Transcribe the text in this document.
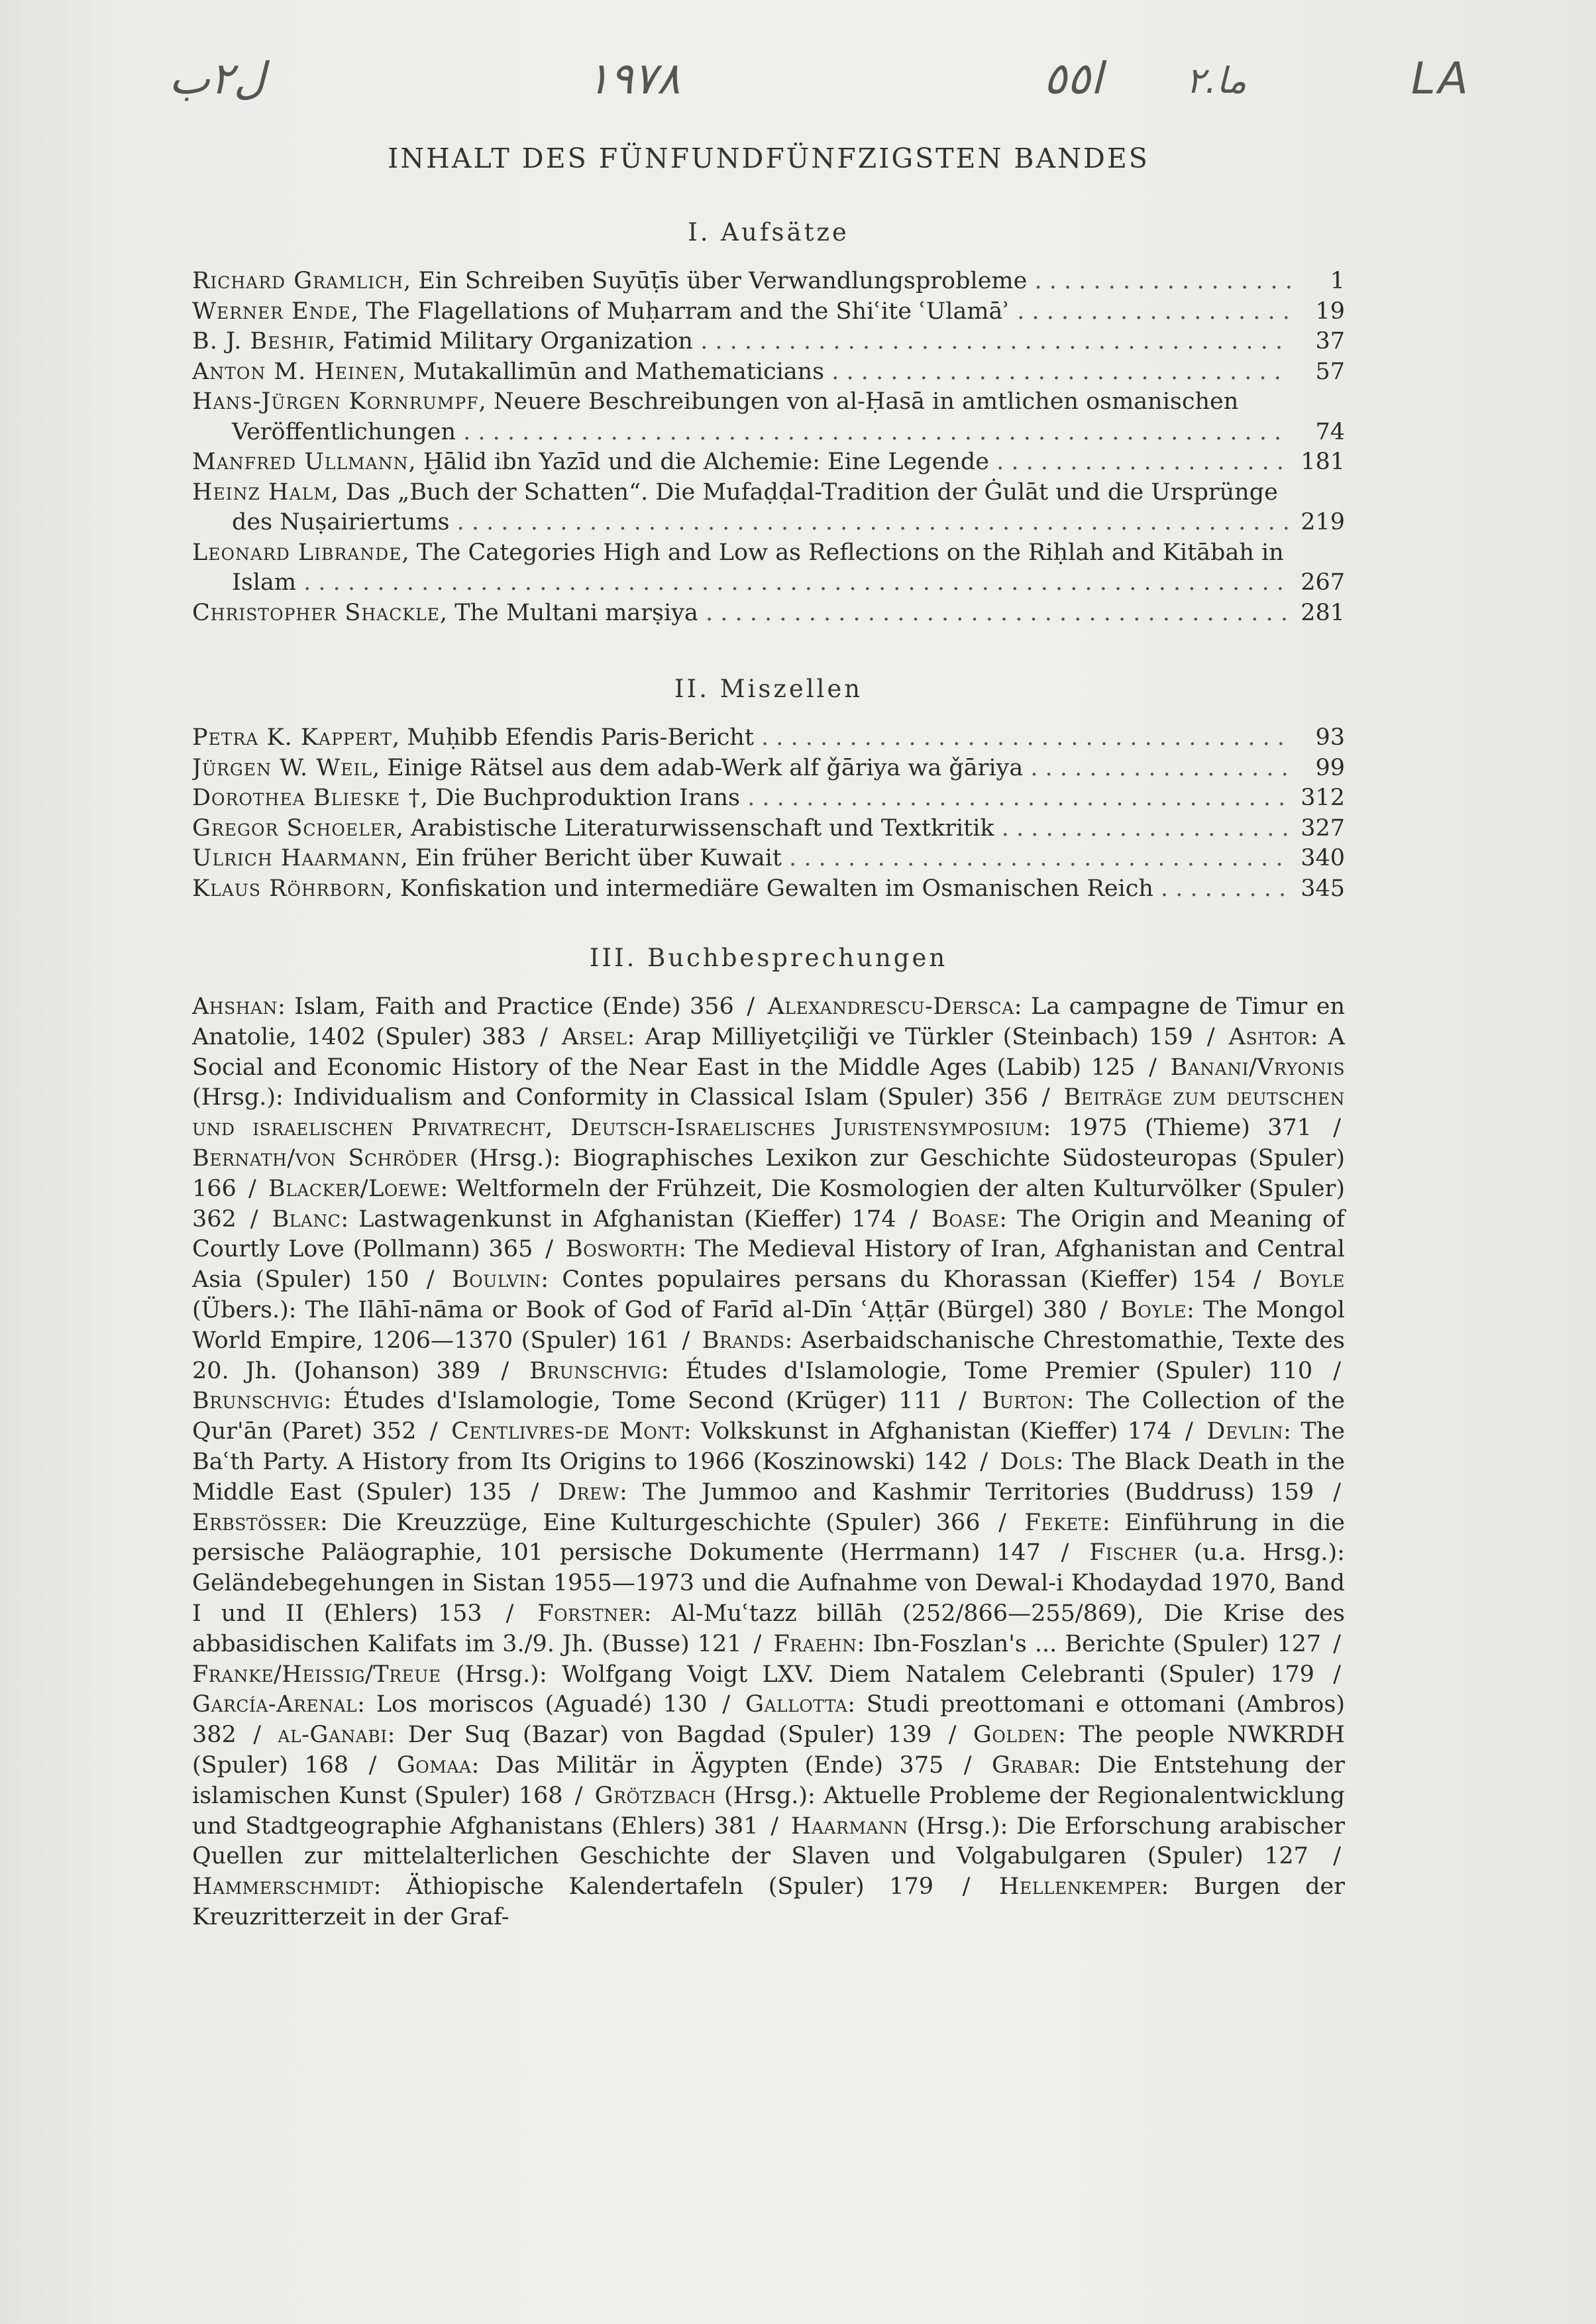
ل٢ب	١٩٧٨	ا٥٥ ما.٢	LA
INHALT DES FÜNFUNDFÜNFZIGSTEN BANDES
I. Aufsätze
Richard Gramlich, Ein Schreiben Suyūṭīs über Verwandlungsprobleme . . . . . . . . . . . . . . . . . .	1
Werner Ende, The Flagellations of Muḥarram and the Shiʿite ʿUlamāʾ . . . . . . . . . . . . . . . . . . .	19
B. J. Beshir, Fatimid Military Organization . . . . . . . . . . . . . . . . . . . . . . . . . . . . . . . . . . . . . . . .	37
Anton M. Heinen, Mutakallimūn and Mathematicians . . . . . . . . . . . . . . . . . . . . . . . . . . . . . . .	57
Hans-Jürgen Kornrumpf, Neuere Beschreibungen von al-Ḥasā in amtlichen osmanischen Veröffentlichungen . . . . . . . . . . . . . . . . . . . . . . . . . . . . . . . . . . . . . . . . . . . . . . . . . . . . . . . .	74
Manfred Ullmann, Ḫālid ibn Yazīd und die Alchemie: Eine Legende . . . . . . . . . . . . . . . . . . . . 181
Heinz Halm, Das „Buch der Schatten“. Die Mufaḍḍal-Tradition der Ġulāt und die Ursprünge des Nuṣairiertums . . . . . . . . . . . . . . . . . . . . . . . . . . . . . . . . . . . . . . . . . . . . . . . . . . . . . . . . . 219
Leonard Librande, The Categories High and Low as Reflections on the Riḥlah and Kitābah in Islam . . . . . . . . . . . . . . . . . . . . . . . . . . . . . . . . . . . . . . . . . . . . . . . . . . . . . . . . . . . . . . . . . . . 267
Christopher Shackle, The Multani marṣiya . . . . . . . . . . . . . . . . . . . . . . . . . . . . . . . . . . . . . . . . 281
II. Miszellen
Petra K. Kappert, Muḥibb Efendis Paris-Bericht . . . . . . . . . . . . . . . . . . . . . . . . . . . . . . . . . . . .	93
Jürgen W. Weil, Einige Rätsel aus dem adab-Werk alf ǧāriya wa ǧāriya . . . . . . . . . . . . . . . . . .	99
Dorothea Blieske †, Die Buchproduktion Irans . . . . . . . . . . . . . . . . . . . . . . . . . . . . . . . . . . . . . 312
Gregor Schoeler, Arabistische Literaturwissenschaft und Textkritik . . . . . . . . . . . . . . . . . . . . 327
Ulrich Haarmann, Ein früher Bericht über Kuwait . . . . . . . . . . . . . . . . . . . . . . . . . . . . . . . . . . 340
Klaus Röhrborn, Konfiskation und intermediäre Gewalten im Osmanischen Reich . . . . . . . . . 345
III. Buchbesprechungen
Ahshan: Islam, Faith and Practice (Ende) 356 / Alexandrescu-Dersca: La campagne de Timur en Anatolie, 1402 (Spuler) 383 / Arsel: Arap Milliyetçiliği ve Türkler (Steinbach) 159 / Ashtor: A Social and Economic History of the Near East in the Middle Ages (Labib) 125 / Banani/Vryonis (Hrsg.): Individualism and Conformity in Classical Islam (Spuler) 356 / Beiträge zum deutschen und israelischen Privatrecht, Deutsch-Israelisches Juristensymposium: 1975 (Thieme) 371 / Bernath/von Schröder (Hrsg.): Biographisches Lexikon zur Geschichte Südosteuropas (Spuler) 166 / Blacker/Loewe: Weltformeln der Frühzeit, Die Kosmologien der alten Kulturvölker (Spuler) 362 / Blanc: Lastwagenkunst in Afghanistan (Kieffer) 174 / Boase: The Origin and Meaning of Courtly Love (Pollmann) 365 / Bosworth: The Medieval History of Iran, Afghanistan and Central Asia (Spuler) 150 / Boulvin: Contes populaires persans du Khorassan (Kieffer) 154 / Boyle (Übers.): The Ilāhī-nāma or Book of God of Farīd al-Dīn ʿAṭṭār (Bürgel) 380 / Boyle: The Mongol World Empire, 1206—1370 (Spuler) 161 / Brands: Aserbaidschanische Chrestomathie, Texte des 20. Jh. (Johanson) 389 / Brunschvig: Études d'Islamologie, Tome Premier (Spuler) 110 / Brunschvig: Études d'Islamologie, Tome Second (Krüger) 111 / Burton: The Collection of the Qur'ān (Paret) 352 / Centlivres-de Mont: Volkskunst in Afghanistan (Kieffer) 174 / Devlin: The Baʿth Party. A History from Its Origins to 1966 (Koszinowski) 142 / Dols: The Black Death in the Middle East (Spuler) 135 / Drew: The Jummoo and Kashmir Territories (Buddruss) 159 / Erbstösser: Die Kreuzzüge, Eine Kulturgeschichte (Spuler) 366 / Fekete: Einführung in die persische Paläographie, 101 persische Dokumente (Herrmann) 147 / Fischer (u.a. Hrsg.): Geländebegehungen in Sistan 1955—1973 und die Aufnahme von Dewal-i Khodaydad 1970, Band I und II (Ehlers) 153 / Forstner: Al-Muʿtazz billāh (252/866—255/869), Die Krise des abbasidischen Kalifats im 3./9. Jh. (Busse) 121 / Fraehn: Ibn-Foszlan's ... Berichte (Spuler) 127 / Franke/Heissig/Treue (Hrsg.): Wolfgang Voigt LXV. Diem Natalem Celebranti (Spuler) 179 / García-Arenal: Los moriscos (Aguadé) 130 / Gallotta: Studi preottomani e ottomani (Ambros) 382 / al-Ganabi: Der Suq (Bazar) von Bagdad (Spuler) 139 / Golden: The people NWKRDH (Spuler) 168 / Gomaa: Das Militär in Ägypten (Ende) 375 / Grabar: Die Entstehung der islamischen Kunst (Spuler) 168 / Grötzbach (Hrsg.): Aktuelle Probleme der Regionalentwicklung und Stadtgeographie Afghanistans (Ehlers) 381 / Haarmann (Hrsg.): Die Erforschung arabischer Quellen zur mittelalterlichen Geschichte der Slaven und Volgabulgaren (Spuler) 127 / Hammerschmidt: Äthiopische Kalendertafeln (Spuler) 179 / Hellenkemper: Burgen der Kreuzritterzeit in der Graf-
